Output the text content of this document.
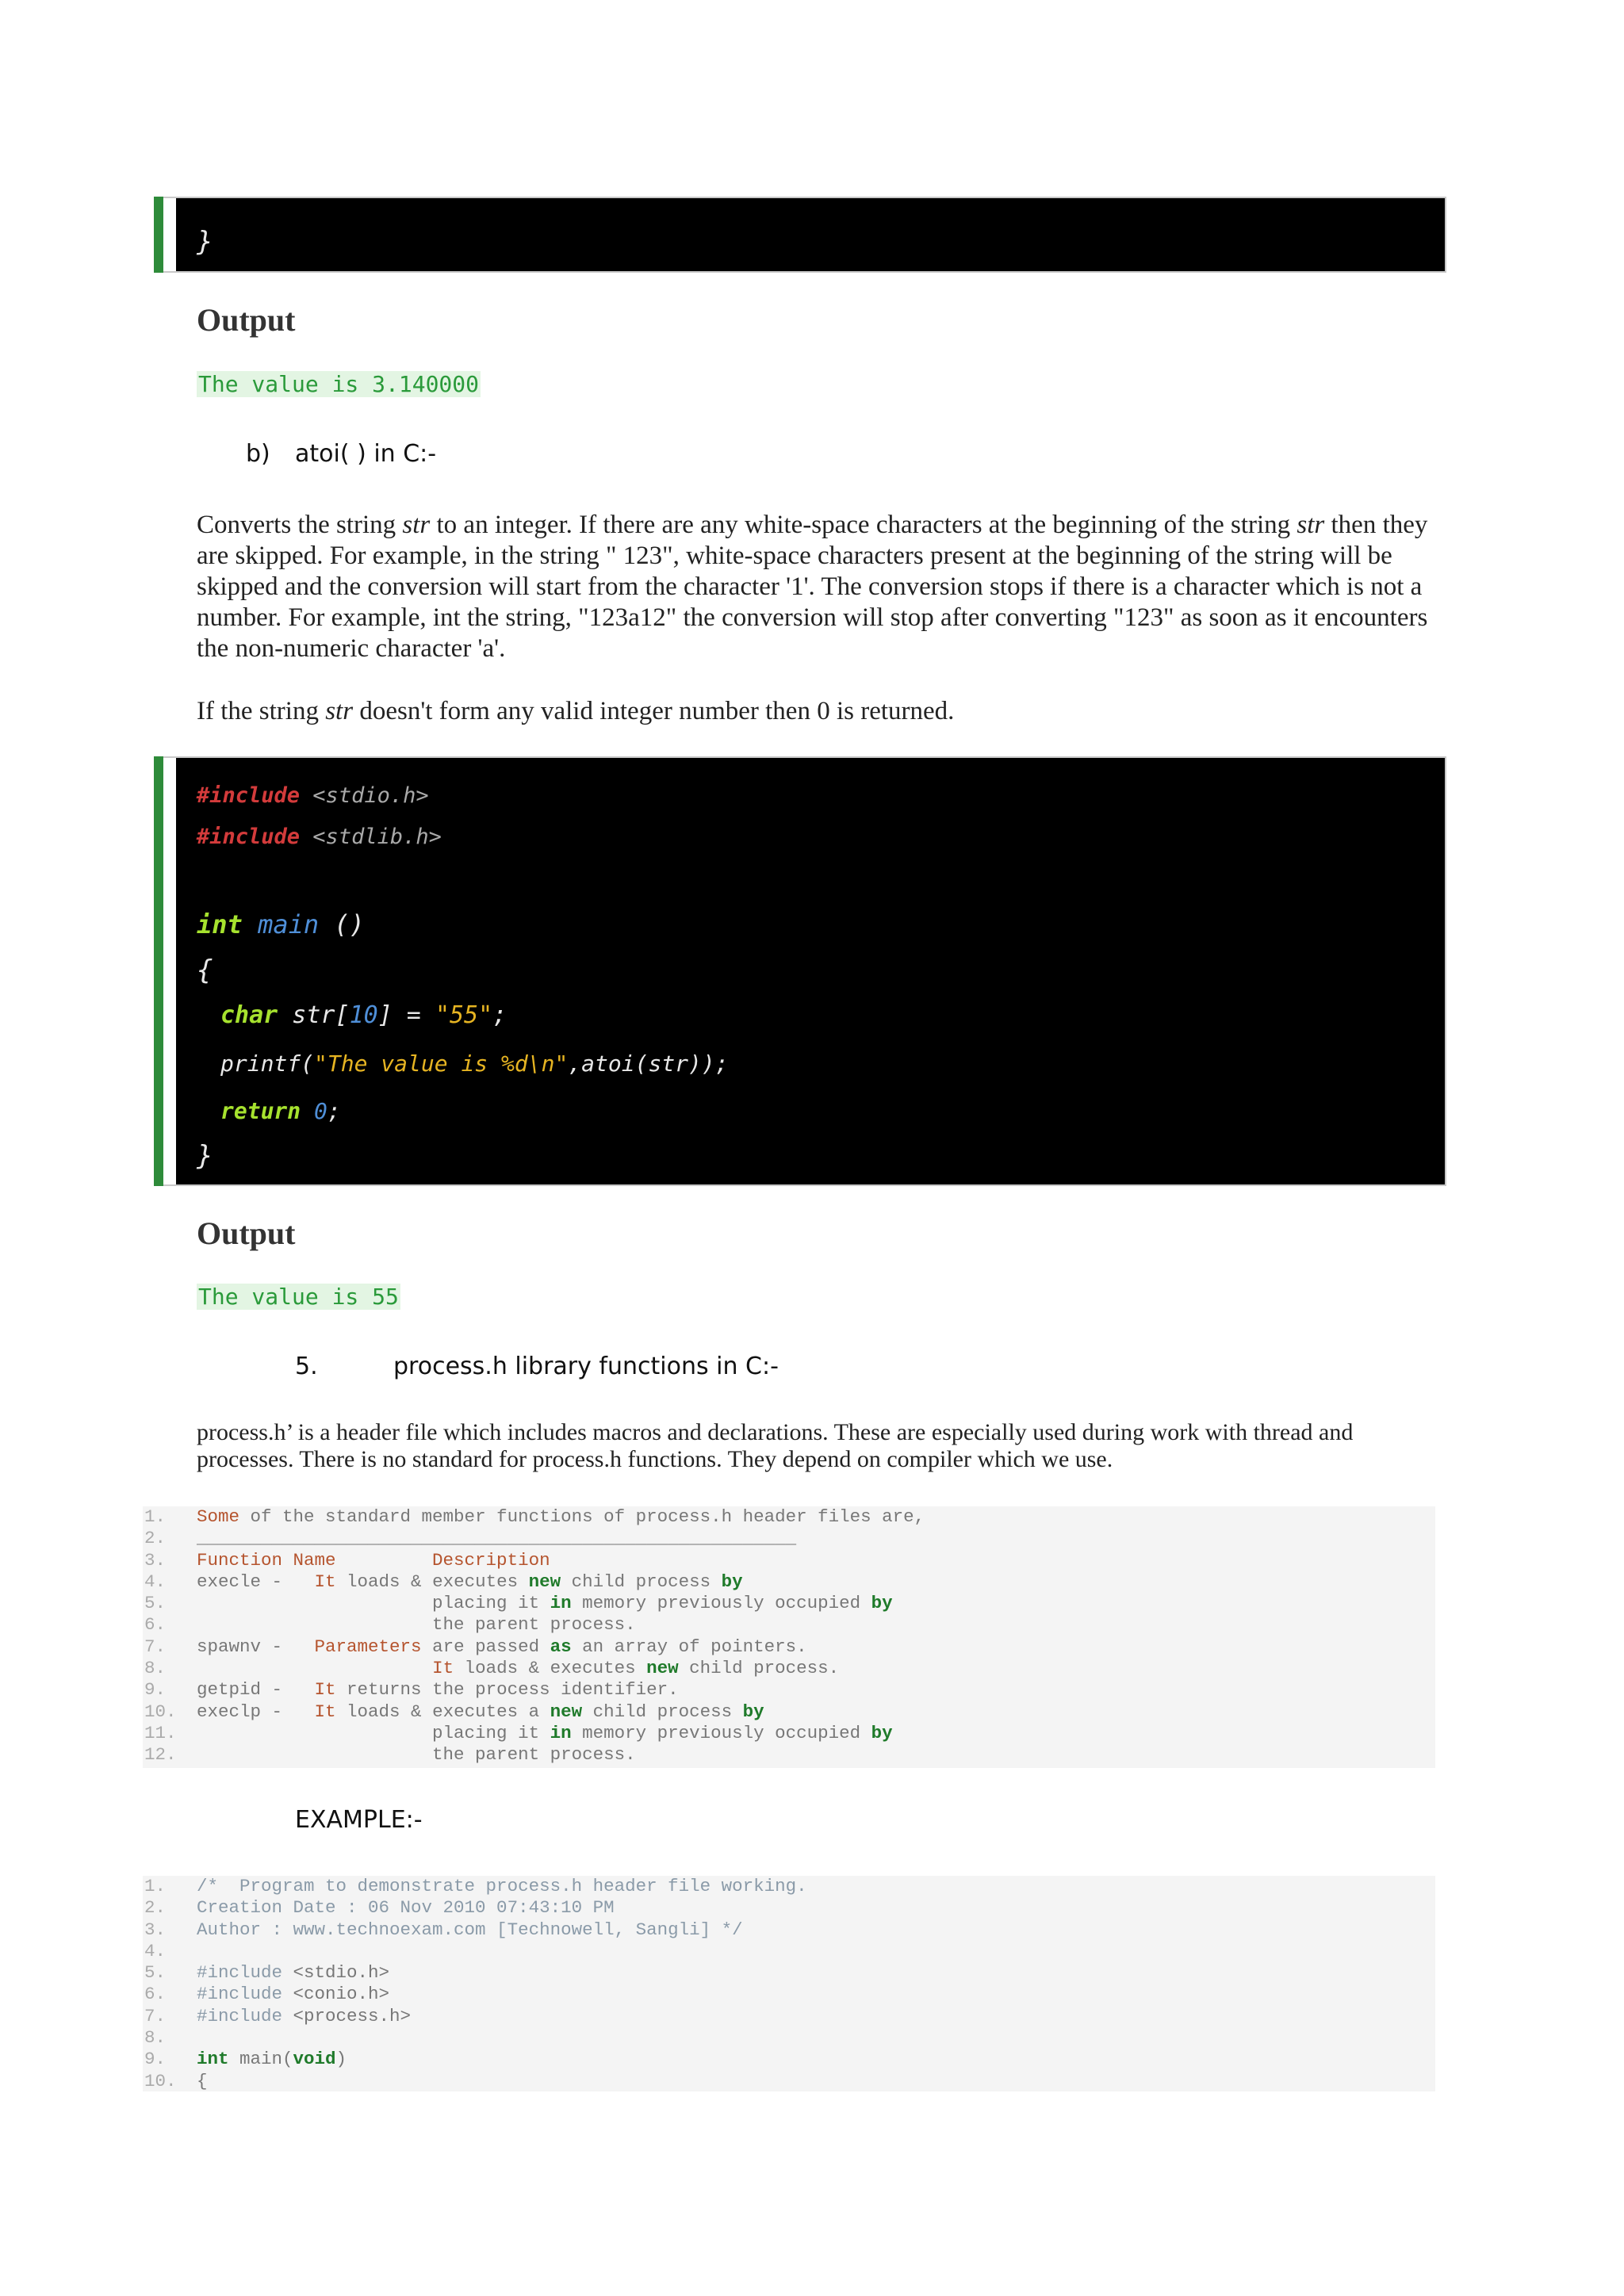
}
Output
The value is 3.140000
b) atoi( ) in C:-
Converts the string str to an integer. If there are any white-space characters at the beginning of the string str then they are skipped. For example, in the string " 123", white-space characters present at the beginning of the string will be skipped and the conversion will start from the character '1'. The conversion stops if there is a character which is not a number. For example, int the string, "123a12" the conversion will stop after converting "123" as soon as it encounters the non-numeric character 'a'.
If the string str doesn't form any valid integer number then 0 is returned.
#include <stdio.h>
#include <stdlib.h>
int main ()
{
char str[10] = "55";
printf("The value is %d\n",atoi(str));
return 0;
}
Output
The value is 55
5.	process.h library functions in C:-
process.h’ is a header file which includes macros and declarations. These are especially used during work with thread and processes. There is no standard for process.h functions. They depend on compiler which we use.
1.	Some of the standard member functions of process.h header files are,
2.	________________________________________________________
3.	Function Name         Description
4.	execle -   It loads & executes new child process by
5.	placing it in memory previously occupied by
6.	the parent process.
7.	spawnv -   Parameters are passed as an array of pointers.
8.	It loads & executes new child process.
9.	getpid -   It returns the process identifier.
10. execlp -   It loads & executes a new child process by
11. placing it in memory previously occupied by
12. the parent process.
EXAMPLE:-
1.	/*  Program to demonstrate process.h header file working.
2.	Creation Date : 06 Nov 2010 07:43:10 PM
3.	Author : www.technoexam.com [Technowell, Sangli] */
4.
5.	#include <stdio.h>
6.	#include <conio.h>
7.	#include <process.h>
8.
9.	int main(void)
10. {
